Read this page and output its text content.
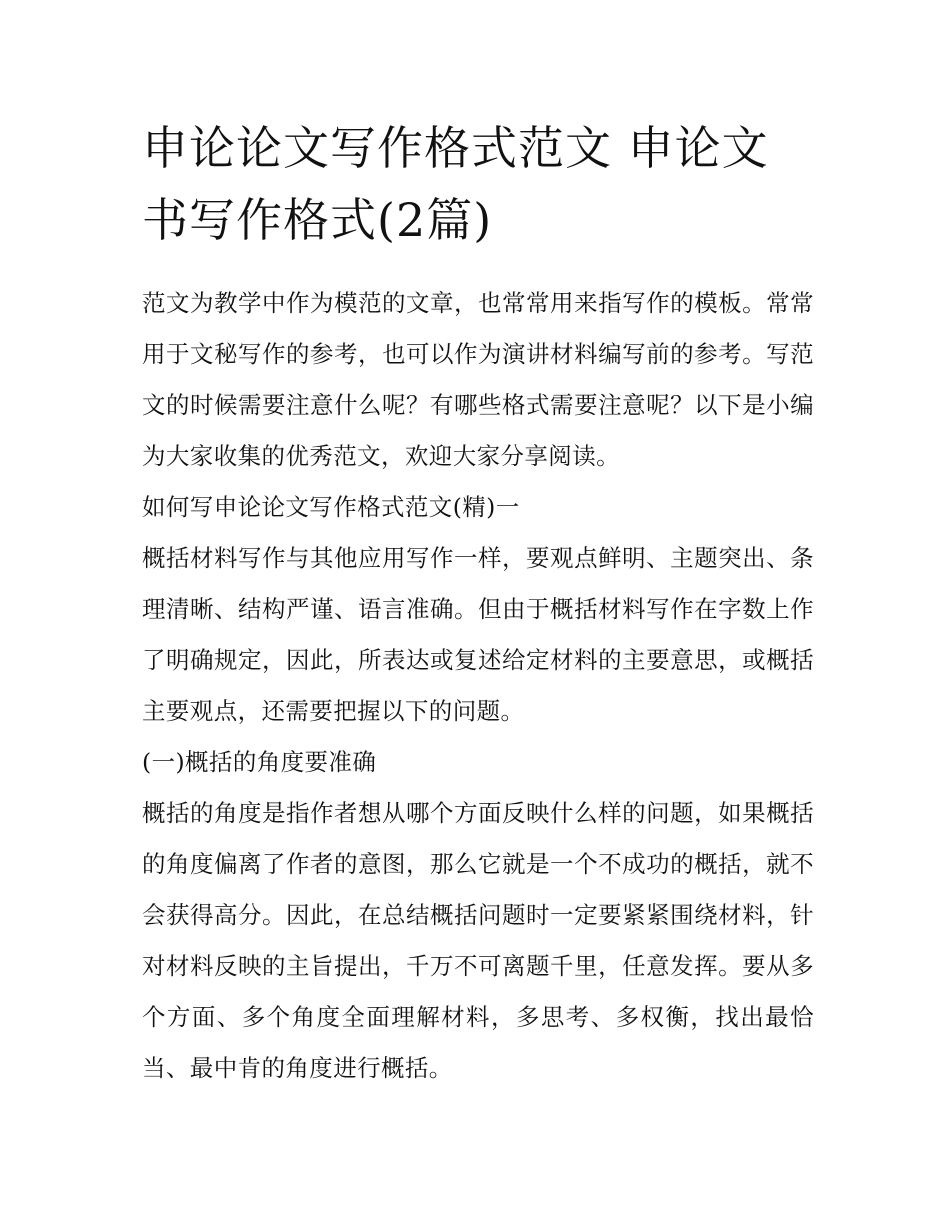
申论论文写作格式范文 申论文书写作格式(2篇)

范文为教学中作为模范的文章，也常常用来指写作的模板。常常用于文秘写作的参考，也可以作为演讲材料编写前的参考。写范文的时候需要注意什么呢？有哪些格式需要注意呢？以下是小编为大家收集的优秀范文，欢迎大家分享阅读。

如何写申论论文写作格式范文(精)一

概括材料写作与其他应用写作一样，要观点鲜明、主题突出、条理清晰、结构严谨、语言准确。但由于概括材料写作在字数上作了明确规定，因此，所表达或复述给定材料的主要意思，或概括主要观点，还需要把握以下的问题。

(一)概括的角度要准确

概括的角度是指作者想从哪个方面反映什么样的问题，如果概括的角度偏离了作者的意图，那么它就是一个不成功的概括，就不会获得高分。因此，在总结概括问题时一定要紧紧围绕材料，针对材料反映的主旨提出，千万不可离题千里，任意发挥。要从多个方面、多个角度全面理解材料，多思考、多权衡，找出最恰当、最中肯的角度进行概括。
